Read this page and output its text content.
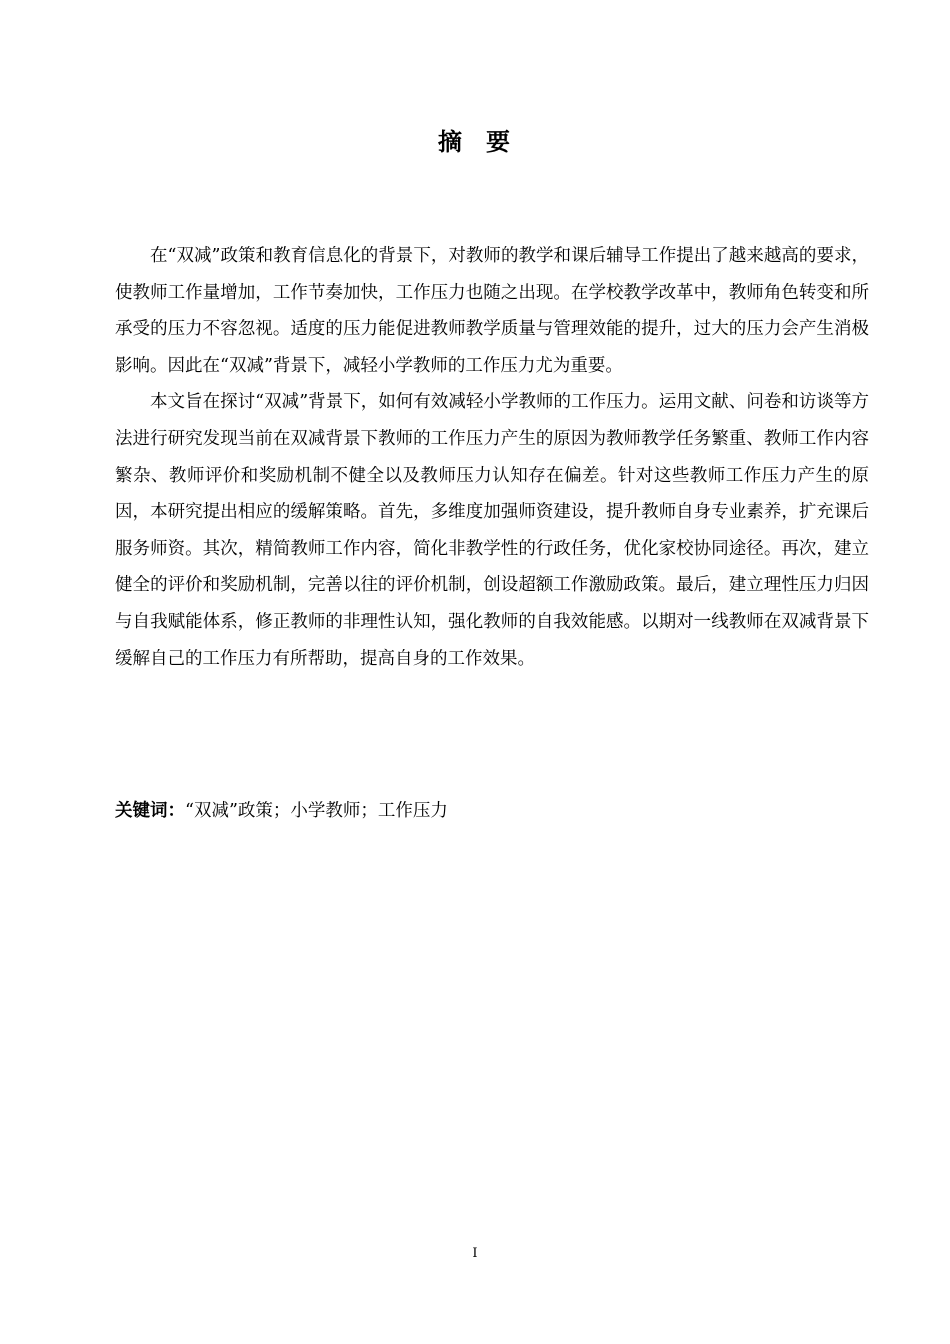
摘 要

在“双减”政策和教育信息化的背景下，对教师的教学和课后辅导工作提出了越来越高的要求，使教师工作量增加，工作节奏加快，工作压力也随之出现。在学校教学改革中，教师角色转变和所承受的压力不容忽视。适度的压力能促进教师教学质量与管理效能的提升，过大的压力会产生消极影响。因此在“双减”背景下，减轻小学教师的工作压力尤为重要。

本文旨在探讨“双减”背景下，如何有效减轻小学教师的工作压力。运用文献、问卷和访谈等方法进行研究发现当前在双减背景下教师的工作压力产生的原因为教师教学任务繁重、教师工作内容繁杂、教师评价和奖励机制不健全以及教师压力认知存在偏差。针对这些教师工作压力产生的原因，本研究提出相应的缓解策略。首先，多维度加强师资建设，提升教师自身专业素养，扩充课后服务师资。其次，精简教师工作内容，简化非教学性的行政任务，优化家校协同途径。再次，建立健全的评价和奖励机制，完善以往的评价机制，创设超额工作激励政策。最后，建立理性压力归因与自我赋能体系，修正教师的非理性认知，强化教师的自我效能感。以期对一线教师在双减背景下缓解自己的工作压力有所帮助，提高自身的工作效果。

关键词：“双减”政策；小学教师；工作压力
I
